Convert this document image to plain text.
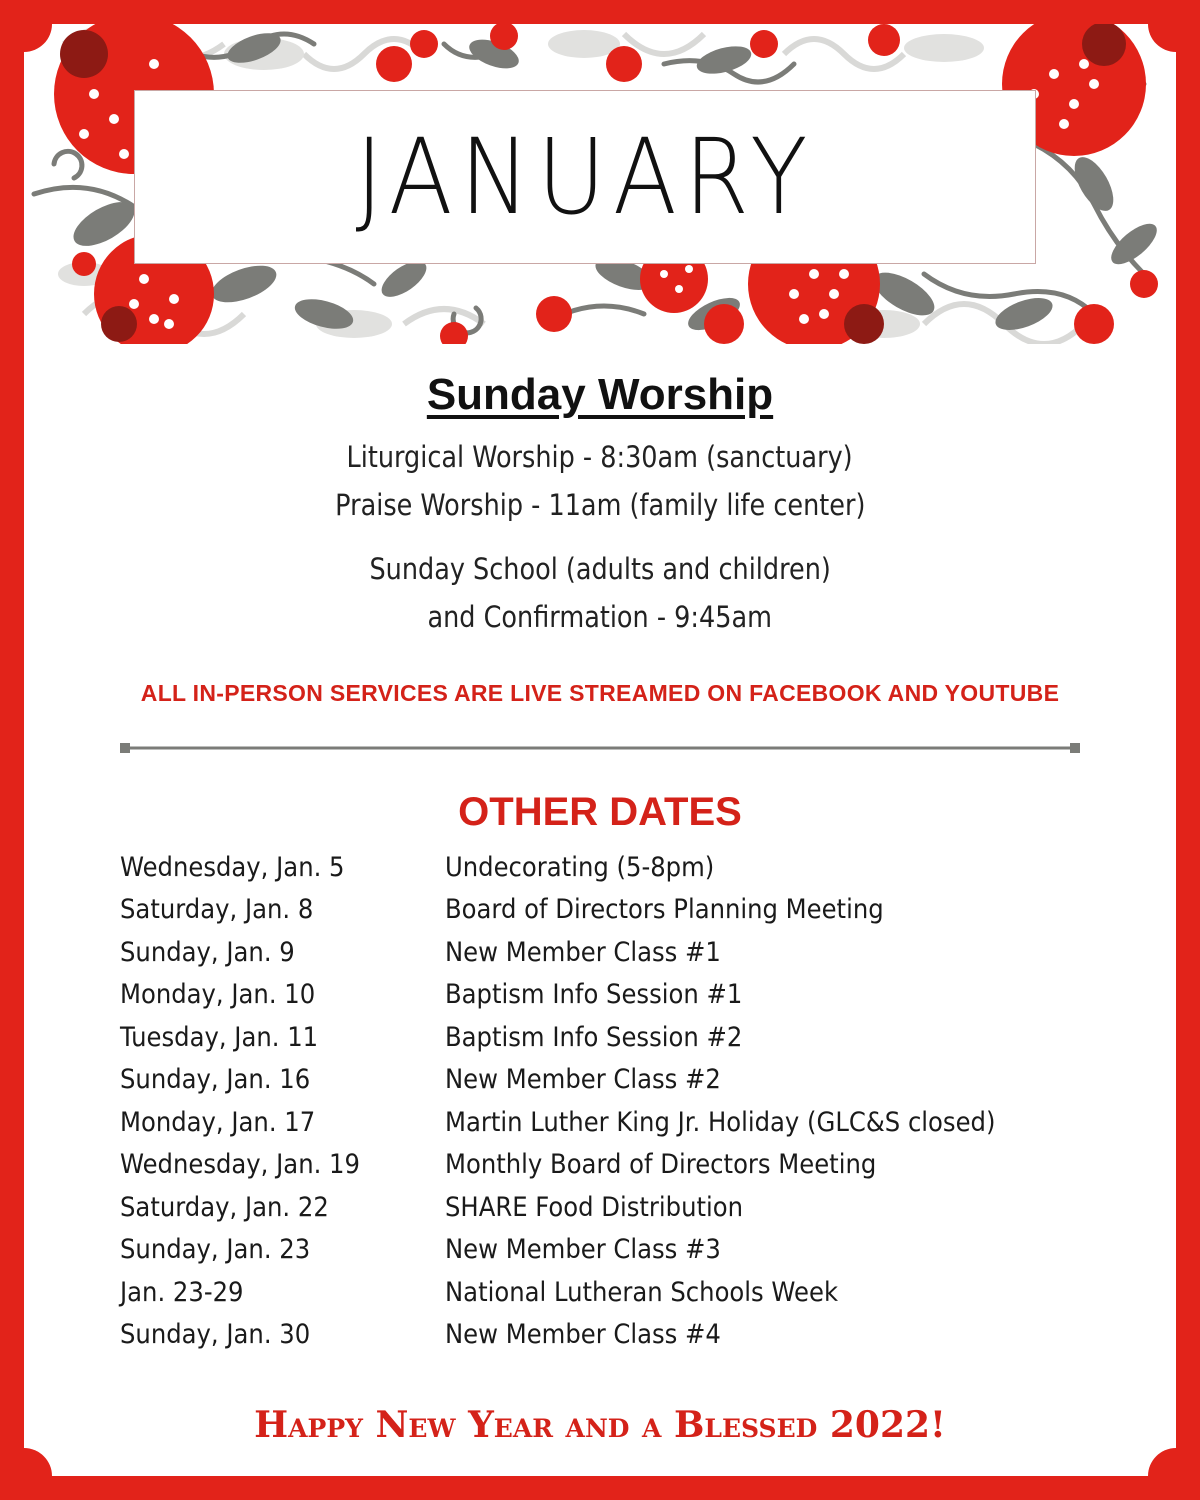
JANUARY
Sunday Worship
Liturgical Worship - 8:30am (sanctuary)
Praise Worship - 11am (family life center)
Sunday School (adults and children)
and Confirmation - 9:45am
ALL IN-PERSON SERVICES ARE LIVE STREAMED ON FACEBOOK AND YOUTUBE
OTHER DATES
Wednesday, Jan. 5	Undecorating (5-8pm)
Saturday, Jan. 8	Board of Directors Planning Meeting
Sunday, Jan. 9	New Member Class #1
Monday, Jan. 10	Baptism Info Session #1
Tuesday, Jan. 11	Baptism Info Session #2
Sunday, Jan. 16	New Member Class #2
Monday, Jan. 17	Martin Luther King Jr. Holiday (GLC&S closed)
Wednesday, Jan. 19	Monthly Board of Directors Meeting
Saturday, Jan. 22	SHARE Food Distribution
Sunday, Jan. 23	New Member Class #3
Jan. 23-29	National Lutheran Schools Week
Sunday, Jan. 30	New Member Class #4
Happy New Year and a Blessed 2022!
